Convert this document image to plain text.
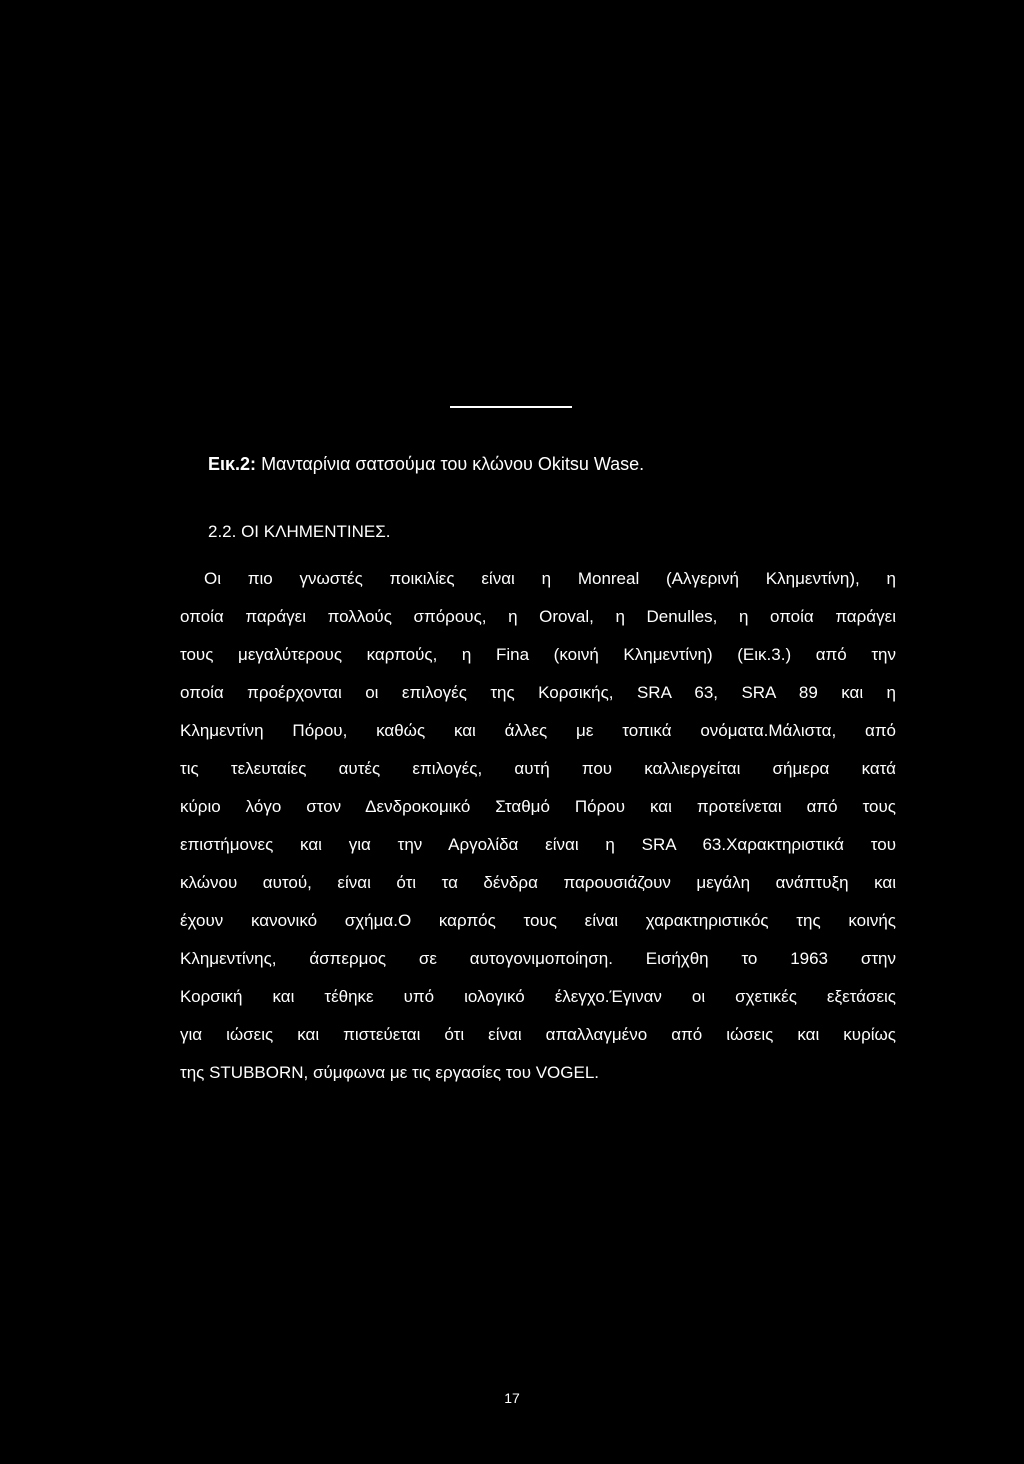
Εικ.2: Μανταρίνια σατσούμα του κλώνου Okitsu Wase.
2.2. ΟΙ ΚΛΗΜΕΝΤΙΝΕΣ.
Οι πιο γνωστές ποικιλίες είναι η Monreal (Αλγερινή Κλημεντίνη), η
οποία παράγει πολλούς σπόρους, η Oroval, η Denulles, η οποία παράγει
τους μεγαλύτερους καρπούς, η Fina (κοινή Κλημεντίνη) (Εικ.3.) από την
οποία προέρχονται οι επιλογές της Κορσικής, SRA 63, SRA 89 και η
Κλημεντίνη Πόρου, καθώς και άλλες με τοπικά ονόματα.Μάλιστα, από
τις τελευταίες αυτές επιλογές, αυτή που καλλιεργείται σήμερα κατά
κύριο λόγο στον Δενδροκομικό Σταθμό Πόρου και προτείνεται από τους
επιστήμονες και για την Αργολίδα είναι η SRA 63.Χαρακτηριστικά του
κλώνου αυτού, είναι ότι τα δένδρα παρουσιάζουν μεγάλη ανάπτυξη και
έχουν κανονικό σχήμα.Ο καρπός τους είναι χαρακτηριστικός της κοινής
Κλημεντίνης, άσπερμος σε αυτογονιμοποίηση. Εισήχθη το 1963 στην
Κορσική και τέθηκε υπό ιολογικό έλεγχο.Έγιναν οι σχετικές εξετάσεις
για ιώσεις και πιστεύεται ότι είναι απαλλαγμένο από ιώσεις και κυρίως
της STUBBORN, σύμφωνα με τις εργασίες του VOGEL.
17
